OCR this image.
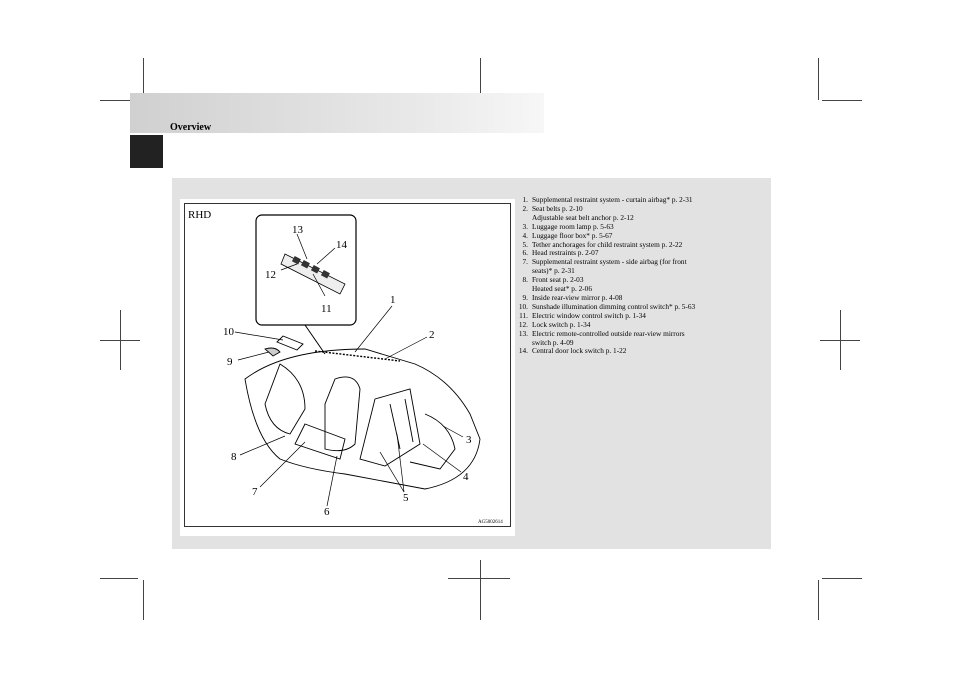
Overview
RHD
1
2
3
4
5
6
7
8
9
10
11
12
13
14
AG5002614
1. Supplemental restraint system - curtain airbag* p. 2-31
2. Seat belts p. 2-10
Adjustable seat belt anchor p. 2-12
3. Luggage room lamp p. 5-63
4. Luggage floor box* p. 5-67
5. Tether anchorages for child restraint system p. 2-22
6. Head restraints p. 2-07
7. Supplemental restraint system - side airbag (for front
seats)* p. 2-31
8. Front seat p. 2-03
Heated seat* p. 2-06
9. Inside rear-view mirror p. 4-08
10. Sunshade illumination dimming control switch* p. 5-63
11. Electric window control switch p. 1-34
12. Lock switch p. 1-34
13. Electric remote-controlled outside rear-view mirrors
switch p. 4-09
14. Central door lock switch p. 1-22
